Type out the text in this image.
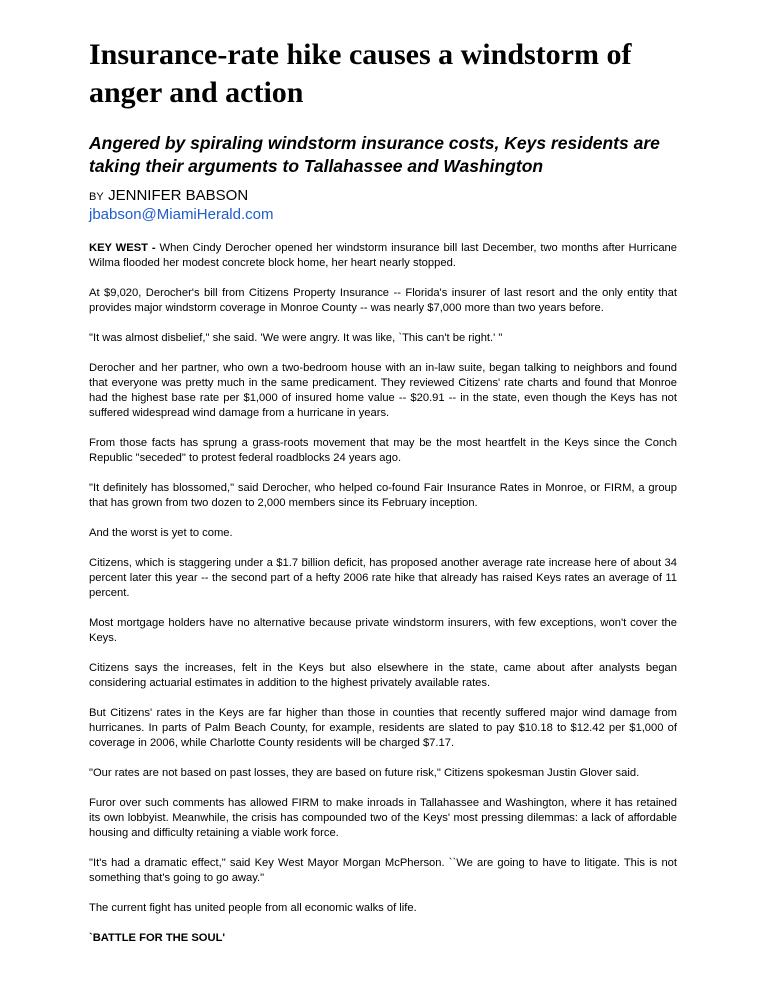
Insurance-rate hike causes a windstorm of anger and action
Angered by spiraling windstorm insurance costs, Keys residents are taking their arguments to Tallahassee and Washington
BY JENNIFER BABSON
jbabson@MiamiHerald.com

KEY WEST - When Cindy Derocher opened her windstorm insurance bill last December, two months after Hurricane Wilma flooded her modest concrete block home, her heart nearly stopped.

At $9,020, Derocher's bill from Citizens Property Insurance -- Florida's insurer of last resort and the only entity that provides major windstorm coverage in Monroe County -- was nearly $7,000 more than two years before.

"It was almost disbelief," she said. 'We were angry. It was like, `This can't be right.' "

Derocher and her partner, who own a two-bedroom house with an in-law suite, began talking to neighbors and found that everyone was pretty much in the same predicament. They reviewed Citizens' rate charts and found that Monroe had the highest base rate per $1,000 of insured home value -- $20.91 -- in the state, even though the Keys has not suffered widespread wind damage from a hurricane in years.

From those facts has sprung a grass-roots movement that may be the most heartfelt in the Keys since the Conch Republic "seceded" to protest federal roadblocks 24 years ago.

"It definitely has blossomed," said Derocher, who helped co-found Fair Insurance Rates in Monroe, or FIRM, a group that has grown from two dozen to 2,000 members since its February inception.

And the worst is yet to come.

Citizens, which is staggering under a $1.7 billion deficit, has proposed another average rate increase here of about 34 percent later this year -- the second part of a hefty 2006 rate hike that already has raised Keys rates an average of 11 percent.

Most mortgage holders have no alternative because private windstorm insurers, with few exceptions, won't cover the Keys.

Citizens says the increases, felt in the Keys but also elsewhere in the state, came about after analysts began considering actuarial estimates in addition to the highest privately available rates.

But Citizens' rates in the Keys are far higher than those in counties that recently suffered major wind damage from hurricanes. In parts of Palm Beach County, for example, residents are slated to pay $10.18 to $12.42 per $1,000 of coverage in 2006, while Charlotte County residents will be charged $7.17.

"Our rates are not based on past losses, they are based on future risk," Citizens spokesman Justin Glover said.

Furor over such comments has allowed FIRM to make inroads in Tallahassee and Washington, where it has retained its own lobbyist. Meanwhile, the crisis has compounded two of the Keys' most pressing dilemmas: a lack of affordable housing and difficulty retaining a viable work force.

"It's had a dramatic effect," said Key West Mayor Morgan McPherson. ``We are going to have to litigate. This is not something that's going to go away."

The current fight has united people from all economic walks of life.

`BATTLE FOR THE SOUL'
